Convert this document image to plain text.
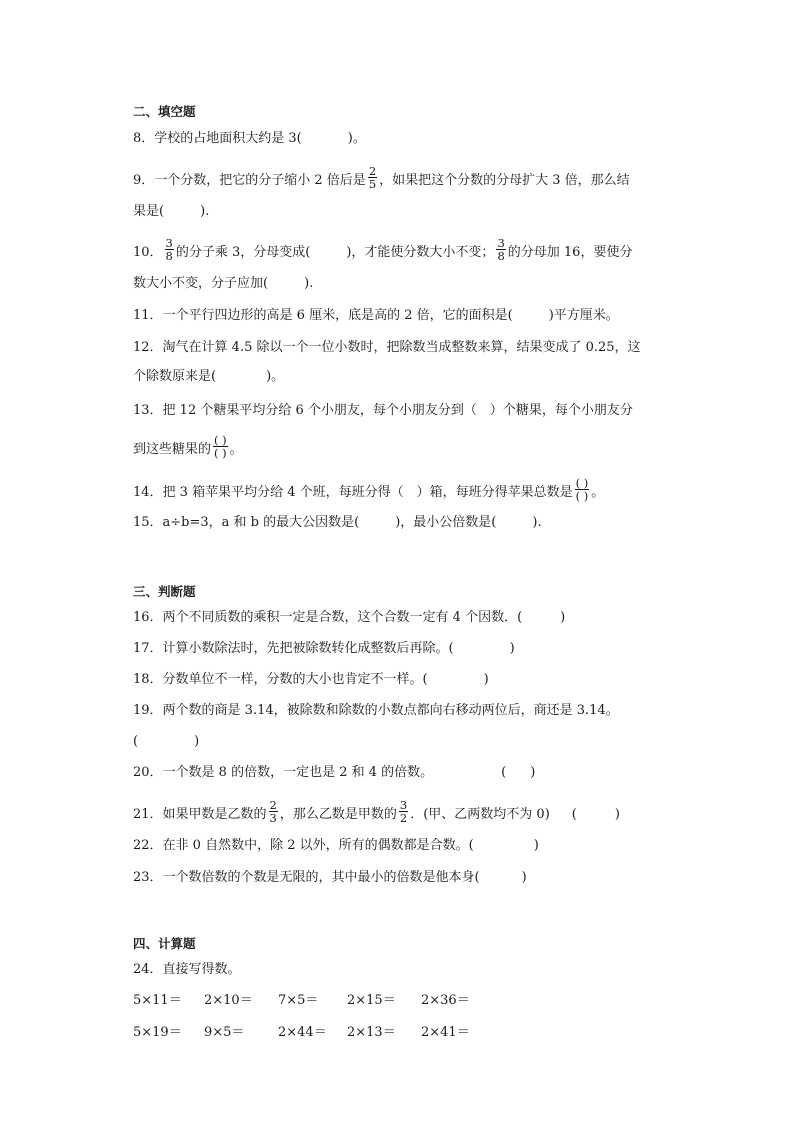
二、填空题
8．学校的占地面积大约是 3(	)。
9．一个分数，把它的分子缩小 2 倍后是 $\frac{2}{5}$ ，如果把这个分数的分母扩大 3 倍，那么结
果是(	).
10． $\frac{3}{8}$ 的分子乘 3，分母变成(	)，才能使分数大小不变； $\frac{3}{8}$ 的分母加 16，要使分
数大小不变，分子应加(	).
11．一个平行四边形的高是 6 厘米，底是高的 2 倍，它的面积是(	)平方厘米。
12．淘气在计算 4.5 除以一个一位小数时，把除数当成整数来算，结果变成了 0.25，这
个除数原来是(	)。
13．把 12 个糖果平均分给 6 个小朋友，每个小朋友分到（　）个糖果，每个小朋友分
到这些糖果的 $\frac{( )}{( )}$ 。
14．把 3 箱苹果平均分给 4 个班，每班分得（　）箱，每班分得苹果总数是 $\frac{( )}{( )}$ 。
15．a÷b=3，a 和 b 的最大公因数是(	)，最小公倍数是(	).
三、判断题
16．两个不同质数的乘积一定是合数，这个合数一定有 4 个因数．(	)
17．计算小数除法时，先把被除数转化成整数后再除。(	)
18．分数单位不一样，分数的大小也肯定不一样。(	)
19．两个数的商是 3.14，被除数和除数的小数点都向右移动两位后，商还是 3.14。
(	)
20．一个数是 8 的倍数，一定也是 2 和 4 的倍数。	( )
21．如果甲数是乙数的 $\frac{2}{3}$ ，那么乙数是甲数的 $\frac{3}{2}$ ．(甲、乙两数均不为 0) (	)
22．在非 0 自然数中，除 2 以外，所有的偶数都是合数。(	)
23．一个数倍数的个数是无限的，其中最小的倍数是他本身(	)
四、计算题
24．直接写得数。
5×11＝ 2×10＝ 7×5＝ 2×15＝ 2×36＝
5×19＝ 9×5＝	2×44＝ 2×13＝ 2×41＝
